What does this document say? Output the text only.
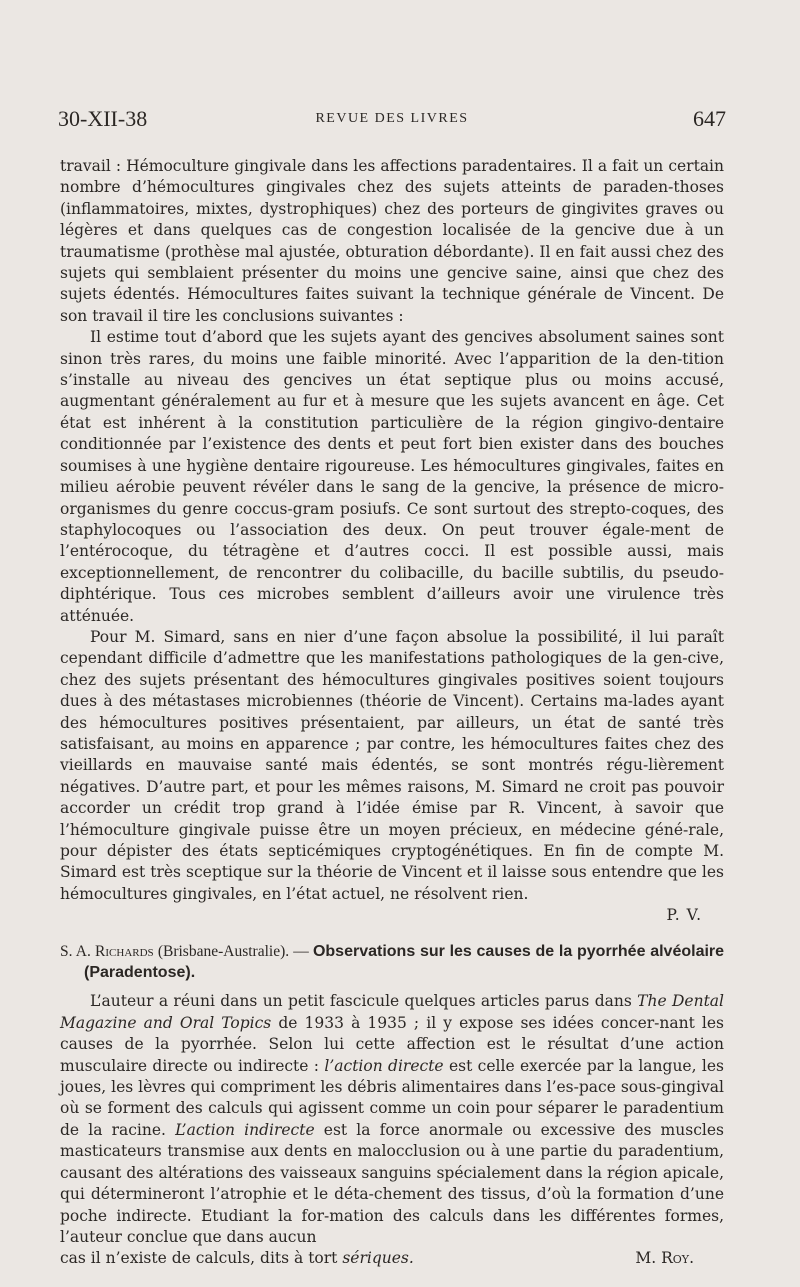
30-XII-38	REVUE DES LIVRES	647

travail : Hémoculture gingivale dans les affections paradentaires. Il a fait un certain nombre d’hémocultures gingivales chez des sujets atteints de paraden-thoses (inflammatoires, mixtes, dystrophiques) chez des porteurs de gingivites graves ou légères et dans quelques cas de congestion localisée de la gencive due à un traumatisme (prothèse mal ajustée, obturation débordante). Il en fait aussi chez des sujets qui semblaient présenter du moins une gencive saine, ainsi que chez des sujets édentés. Hémocultures faites suivant la technique générale de Vincent. De son travail il tire les conclusions suivantes :

Il estime tout d’abord que les sujets ayant des gencives absolument saines sont sinon très rares, du moins une faible minorité. Avec l’apparition de la den-tition s’installe au niveau des gencives un état septique plus ou moins accusé, augmentant généralement au fur et à mesure que les sujets avancent en âge. Cet état est inhérent à la constitution particulière de la région gingivo-dentaire conditionnée par l’existence des dents et peut fort bien exister dans des bouches soumises à une hygiène dentaire rigoureuse. Les hémocultures gingivales, faites en milieu aérobie peuvent révéler dans le sang de la gencive, la présence de micro-organismes du genre coccus-gram posiufs. Ce sont surtout des strepto-coques, des staphylocoques ou l’association des deux. On peut trouver égale-ment de l’entérocoque, du tétragène et d’autres cocci. Il est possible aussi, mais exceptionnellement, de rencontrer du colibacille, du bacille subtilis, du pseudo-diphtérique. Tous ces microbes semblent d’ailleurs avoir une virulence très atténuée.

Pour M. Simard, sans en nier d’une façon absolue la possibilité, il lui paraît cependant difficile d’admettre que les manifestations pathologiques de la gen-cive, chez des sujets présentant des hémocultures gingivales positives soient toujours dues à des métastases microbiennes (théorie de Vincent). Certains ma-lades ayant des hémocultures positives présentaient, par ailleurs, un état de santé très satisfaisant, au moins en apparence ; par contre, les hémocultures faites chez des vieillards en mauvaise santé mais édentés, se sont montrés régu-lièrement négatives. D’autre part, et pour les mêmes raisons, M. Simard ne croit pas pouvoir accorder un crédit trop grand à l’idée émise par R. Vincent, à savoir que l’hémoculture gingivale puisse être un moyen précieux, en médecine géné-rale, pour dépister des états septicémiques cryptogénétiques. En fin de compte M. Simard est très sceptique sur la théorie de Vincent et il laisse sous entendre que les hémocultures gingivales, en l’état actuel, ne résolvent rien.

P. V.

S. A. Richards (Brisbane-Australie). — Observations sur les causes de la pyorrhée alvéolaire (Paradentose).

L’auteur a réuni dans un petit fascicule quelques articles parus dans The Dental Magazine and Oral Topics de 1933 à 1935 ; il y expose ses idées concer-nant les causes de la pyorrhée. Selon lui cette affection est le résultat d’une action musculaire directe ou indirecte : l’action directe est celle exercée par la langue, les joues, les lèvres qui compriment les débris alimentaires dans l’es-pace sous-gingival où se forment des calculs qui agissent comme un coin pour séparer le paradentium de la racine. L’action indirecte est la force anormale ou excessive des muscles masticateurs transmise aux dents en malocclusion ou à une partie du paradentium, causant des altérations des vaisseaux sanguins spécialement dans la région apicale, qui détermineront l’atrophie et le déta-chement des tissus, d’où la formation d’une poche indirecte. Etudiant la for-mation des calculs dans les différentes formes, l’auteur conclue que dans aucun

cas il n’existe de calculs, dits à tort sériques.	M. Roy.
